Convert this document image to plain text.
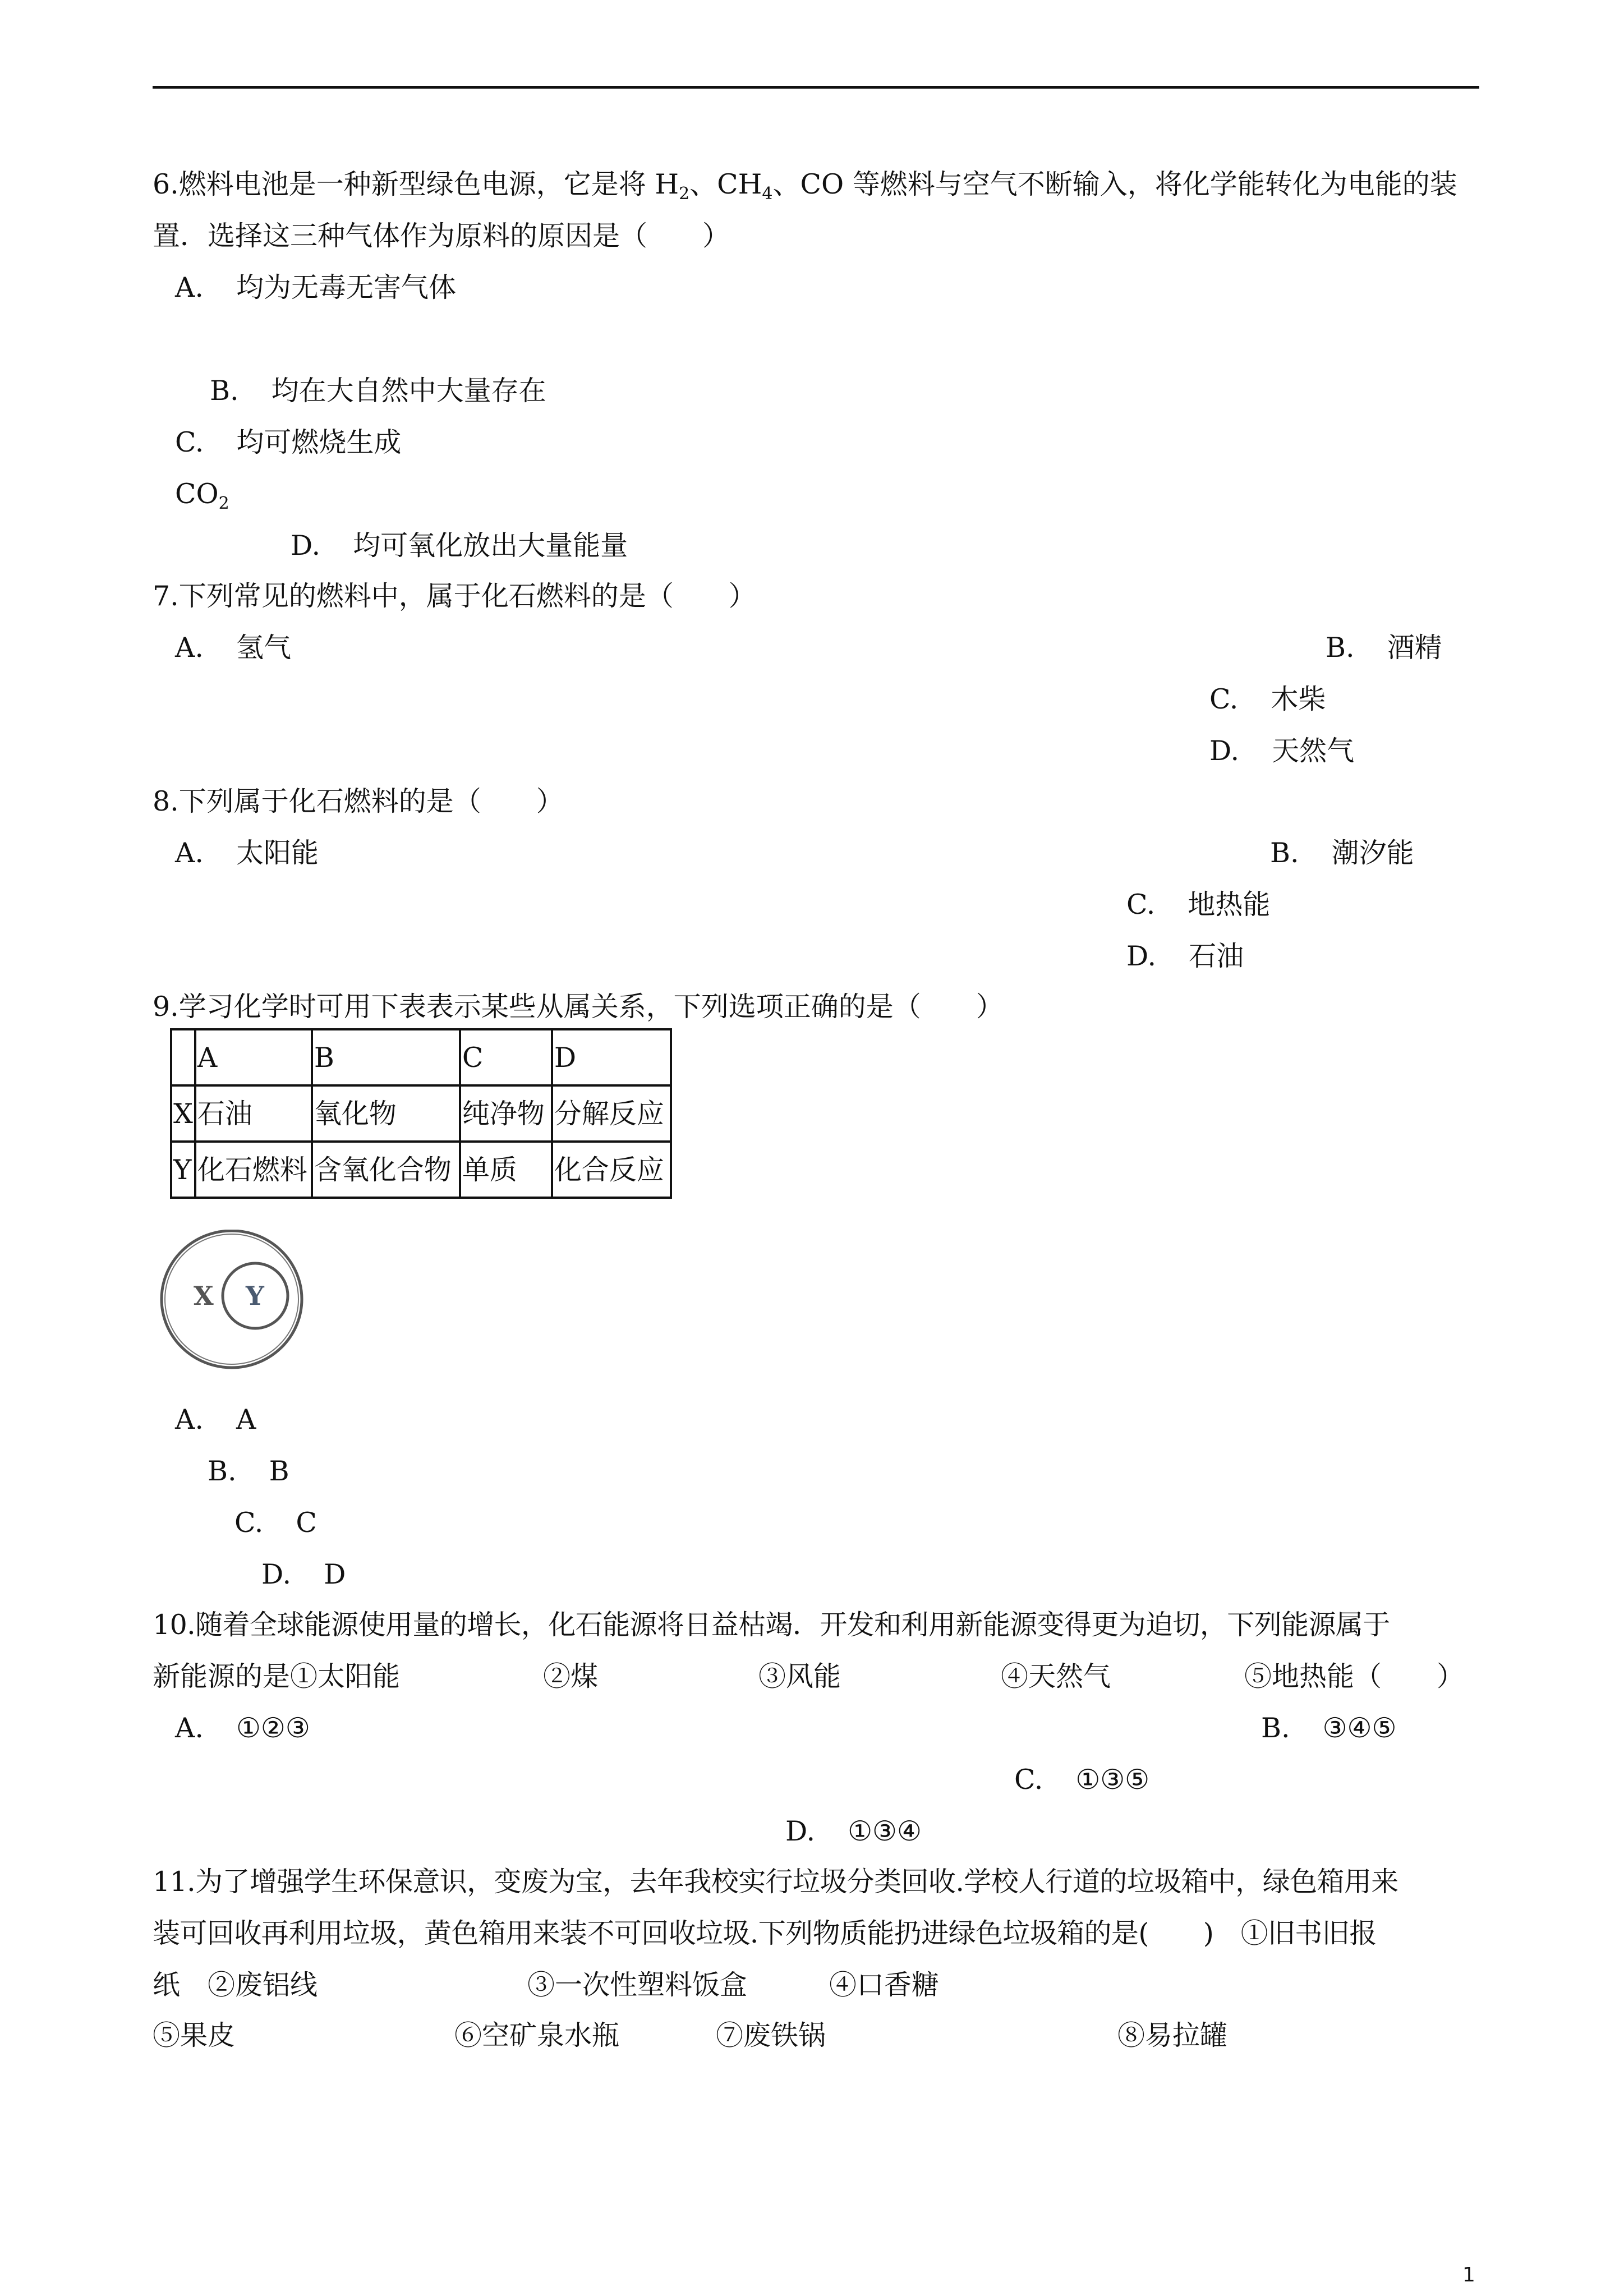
6.燃料电池是一种新型绿色电源，它是将 $H_2$、$CH_4$、CO 等燃料与空气不断输入，将化学能转化为电能的装
置．选择这三种气体作为原料的原因是（　　）
A. 均为无毒无害气体
B. 均在大自然中大量存在
C. 均可燃烧生成
$CO_2$
D. 均可氧化放出大量能量
7.下列常见的燃料中，属于化石燃料的是（　　）
A. 氢气	B. 酒精
C. 木柴
D. 天然气
8.下列属于化石燃料的是（　　）
A. 太阳能	B. 潮汐能
C. 地热能
D. 石油
9.学习化学时可用下表表示某些从属关系，下列选项正确的是（　　）
	A	B	C	D
X	石油	氧化物	纯净物	分解反应
Y	化石燃料	含氧化合物	单质	化合反应
X Y
A. A
B. B
C. C
D. D
10.随着全球能源使用量的增长，化石能源将日益枯竭．开发和利用新能源变得更为迫切，下列能源属于
新能源的是①太阳能	②煤	③风能	④天然气	⑤地热能（　　）
A. ①②③	B. ③④⑤
C. ①③⑤
D. ①③④
11.为了增强学生环保意识，变废为宝，去年我校实行垃圾分类回收.学校人行道的垃圾箱中，绿色箱用来
装可回收再利用垃圾，黄色箱用来装不可回收垃圾.下列物质能扔进绿色垃圾箱的是(　　)　①旧书旧报
纸　②废铝线	③一次性塑料饭盒	④口香糖
⑤果皮	⑥空矿泉水瓶	⑦废铁锅	⑧易拉罐
1
